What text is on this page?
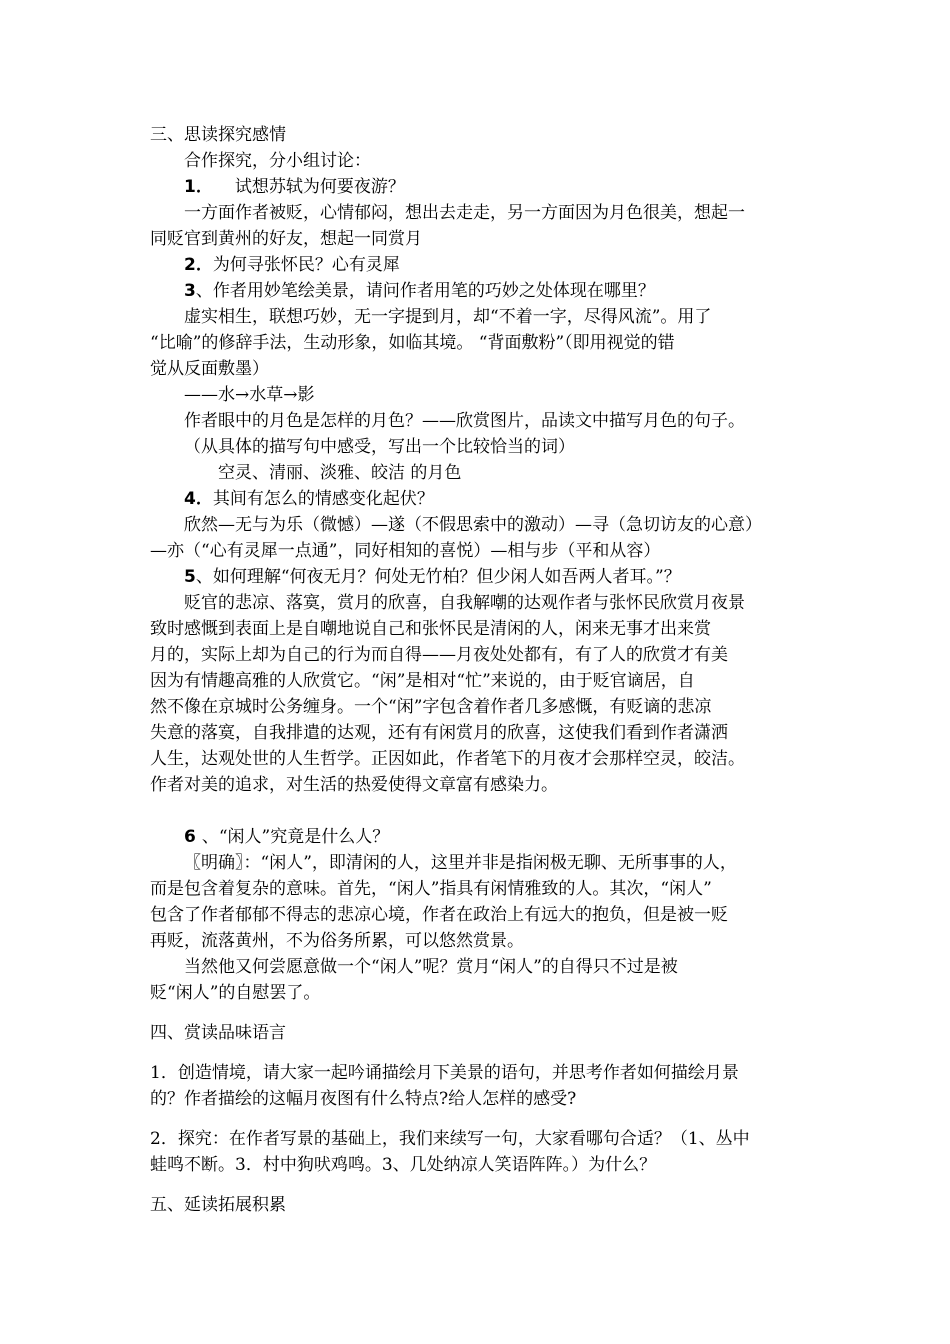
三、思读探究感情

合作探究，分小组讨论：

1． 试想苏轼为何要夜游？

一方面作者被贬，心情郁闷，想出去走走，另一方面因为月色很美，想起一

同贬官到黄州的好友，想起一同赏月

2．为何寻张怀民？心有灵犀

3、作者用妙笔绘美景，请问作者用笔的巧妙之处体现在哪里？

虚实相生，联想巧妙，无一字提到月，却“不着一字，尽得风流”。用了

“比喻”的修辞手法，生动形象，如临其境。 “背面敷粉”（即用视觉的错

觉从反面敷墨）

——水→水草→影

作者眼中的月色是怎样的月色？——欣赏图片，品读文中描写月色的句子。

（从具体的描写句中感受，写出一个比较恰当的词）

空灵、清丽、淡雅、皎洁 的月色

4．其间有怎么的情感变化起伏？

欣然—无与为乐（微憾）—遂（不假思索中的激动）—寻（急切访友的心意）

—亦（“心有灵犀一点通”，同好相知的喜悦）—相与步（平和从容）

5、如何理解“何夜无月？何处无竹柏？但少闲人如吾两人者耳。”？

贬官的悲凉、落寞，赏月的欣喜，自我解嘲的达观作者与张怀民欣赏月夜景

致时感慨到表面上是自嘲地说自己和张怀民是清闲的人，闲来无事才出来赏

月的，实际上却为自己的行为而自得——月夜处处都有，有了人的欣赏才有美

因为有情趣高雅的人欣赏它。“闲”是相对“忙”来说的，由于贬官谪居，自

然不像在京城时公务缠身。一个“闲”字包含着作者几多感慨，有贬谪的悲凉

失意的落寞，自我排遣的达观，还有有闲赏月的欣喜，这使我们看到作者潇洒

人生，达观处世的人生哲学。正因如此，作者笔下的月夜才会那样空灵，皎洁。

作者对美的追求，对生活的热爱使得文章富有感染力。

6 、“闲人”究竟是什么人？

〖明确〗：“闲人”，即清闲的人，这里并非是指闲极无聊、无所事事的人，

而是包含着复杂的意味。首先，“闲人”指具有闲情雅致的人。其次，“闲人”

包含了作者郁郁不得志的悲凉心境，作者在政治上有远大的抱负，但是被一贬

再贬，流落黄州，不为俗务所累，可以悠然赏景。

当然他又何尝愿意做一个“闲人”呢？赏月“闲人”的自得只不过是被

贬“闲人”的自慰罢了。

四、赏读品味语言

1．创造情境，请大家一起吟诵描绘月下美景的语句，并思考作者如何描绘月景

的？作者描绘的这幅月夜图有什么特点?给人怎样的感受?

2．探究：在作者写景的基础上，我们来续写一句，大家看哪句合适？（1、丛中

蛙鸣不断。3．村中狗吠鸡鸣。3、几处纳凉人笑语阵阵。）为什么？

五、延读拓展积累
